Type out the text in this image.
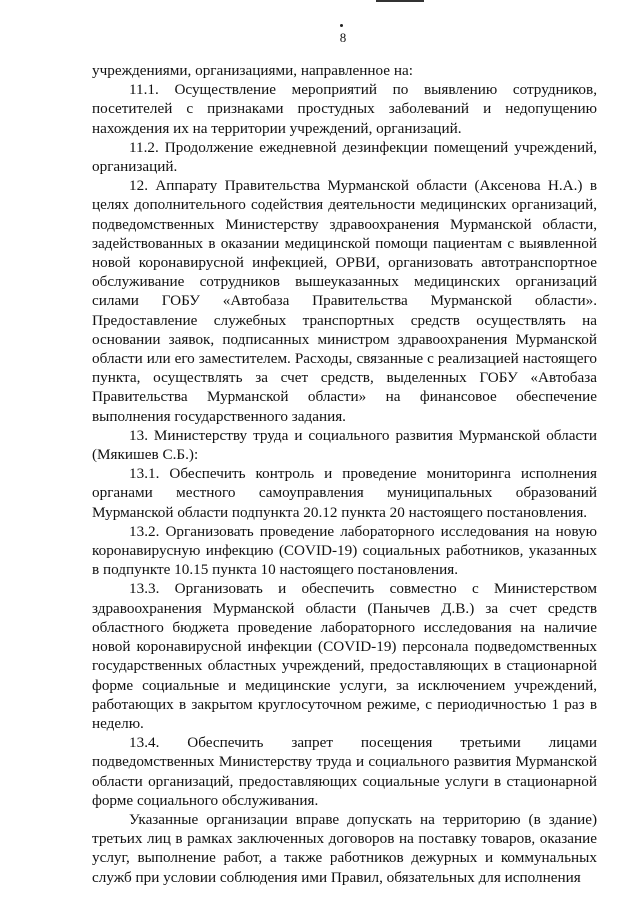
8

учреждениями, организациями, направленное на:

11.1. Осуществление мероприятий по выявлению сотрудников, посетителей с признаками простудных заболеваний и недопущению нахождения их на территории учреждений, организаций.

11.2. Продолжение ежедневной дезинфекции помещений учреждений, организаций.

12. Аппарату Правительства Мурманской области (Аксенова Н.А.) в целях дополнительного содействия деятельности медицинских организаций, подведомственных Министерству здравоохранения Мурманской области, задействованных в оказании медицинской помощи пациентам с выявленной новой коронавирусной инфекцией, ОРВИ, организовать автотранспортное обслуживание сотрудников вышеуказанных медицинских организаций силами ГОБУ «Автобаза Правительства Мурманской области». Предоставление служебных транспортных средств осуществлять на основании заявок, подписанных министром здравоохранения Мурманской области или его заместителем. Расходы, связанные с реализацией настоящего пункта, осуществлять за счет средств, выделенных ГОБУ «Автобаза Правительства Мурманской области» на финансовое обеспечение выполнения государственного задания.

13. Министерству труда и социального развития Мурманской области (Мякишев С.Б.):

13.1. Обеспечить контроль и проведение мониторинга исполнения органами местного самоуправления муниципальных образований Мурманской области подпункта 20.12 пункта 20 настоящего постановления.

13.2. Организовать проведение лабораторного исследования на новую коронавирусную инфекцию (COVID-19) социальных работников, указанных в подпункте 10.15 пункта 10 настоящего постановления.

13.3. Организовать и обеспечить совместно с Министерством здравоохранения Мурманской области (Панычев Д.В.) за счет средств областного бюджета проведение лабораторного исследования на наличие новой коронавирусной инфекции (COVID-19) персонала подведомственных государственных областных учреждений, предоставляющих в стационарной форме социальные и медицинские услуги, за исключением учреждений, работающих в закрытом круглосуточном режиме, с периодичностью 1 раз в неделю.

13.4. Обеспечить запрет посещения третьими лицами подведомственных Министерству труда и социального развития Мурманской области организаций, предоставляющих социальные услуги в стационарной форме социального обслуживания.

Указанные организации вправе допускать на территорию (в здание) третьих лиц в рамках заключенных договоров на поставку товаров, оказание услуг, выполнение работ, а также работников дежурных и коммунальных служб при условии соблюдения ими Правил, обязательных для исполнения
